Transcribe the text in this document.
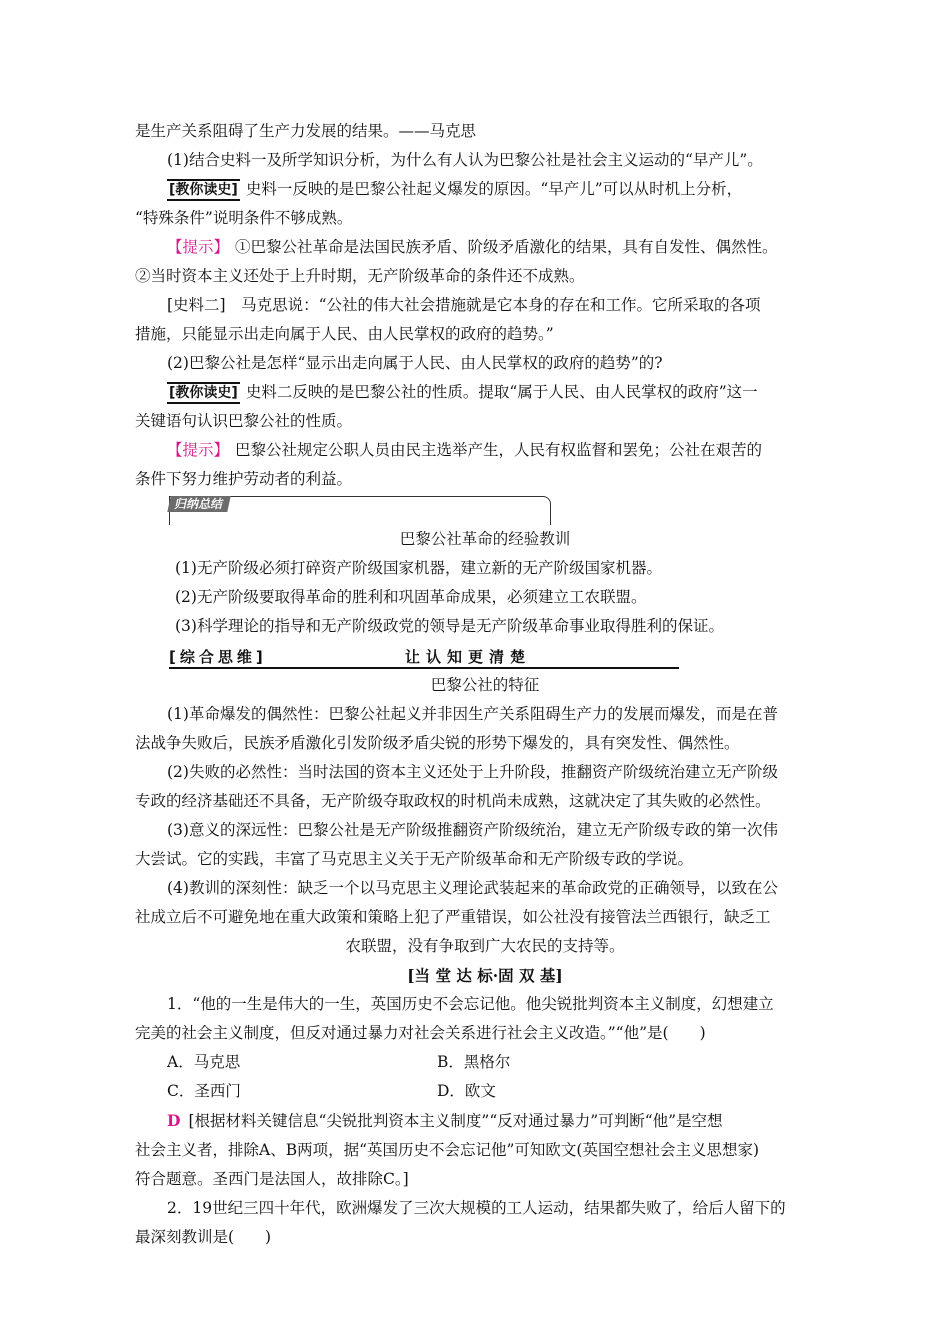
是生产关系阻碍了生产力发展的结果。——马克思
(1)结合史料一及所学知识分析，为什么有人认为巴黎公社是社会主义运动的“早产儿”。
[教你读史] 史料一反映的是巴黎公社起义爆发的原因。“早产儿”可以从时机上分析，
“特殊条件”说明条件不够成熟。
【提示】 ①巴黎公社革命是法国民族矛盾、阶级矛盾激化的结果，具有自发性、偶然性。
②当时资本主义还处于上升时期，无产阶级革命的条件还不成熟。
[史料二]　马克思说：“公社的伟大社会措施就是它本身的存在和工作。它所采取的各项
措施，只能显示出走向属于人民、由人民掌权的政府的趋势。”
(2)巴黎公社是怎样“显示出走向属于人民、由人民掌权的政府的趋势”的?
[教你读史] 史料二反映的是巴黎公社的性质。提取“属于人民、由人民掌权的政府”这一
关键语句认识巴黎公社的性质。
【提示】 巴黎公社规定公职人员由民主选举产生，人民有权监督和罢免；公社在艰苦的
条件下努力维护劳动者的利益。
归纳总结
巴黎公社革命的经验教训
(1)无产阶级必须打碎资产阶级国家机器，建立新的无产阶级国家机器。
(2)无产阶级要取得革命的胜利和巩固革命成果，必须建立工农联盟。
(3)科学理论的指导和无产阶级政党的领导是无产阶级革命事业取得胜利的保证。
[综合思维]	让认知更清楚
巴黎公社的特征
(1)革命爆发的偶然性：巴黎公社起义并非因生产关系阻碍生产力的发展而爆发，而是在普
法战争失败后，民族矛盾激化引发阶级矛盾尖锐的形势下爆发的，具有突发性、偶然性。
(2)失败的必然性：当时法国的资本主义还处于上升阶段，推翻资产阶级统治建立无产阶级
专政的经济基础还不具备，无产阶级夺取政权的时机尚未成熟，这就决定了其失败的必然性。
(3)意义的深远性：巴黎公社是无产阶级推翻资产阶级统治，建立无产阶级专政的第一次伟
大尝试。它的实践，丰富了马克思主义关于无产阶级革命和无产阶级专政的学说。
(4)教训的深刻性：缺乏一个以马克思主义理论武装起来的革命政党的正确领导，以致在公
社成立后不可避免地在重大政策和策略上犯了严重错误，如公社没有接管法兰西银行，缺乏工
农联盟，没有争取到广大农民的支持等。
[当 堂 达 标·固 双 基]
1．“他的一生是伟大的一生，英国历史不会忘记他。他尖锐批判资本主义制度，幻想建立
完美的社会主义制度，但反对通过暴力对社会关系进行社会主义改造。”“他”是(　　)
A．马克思	B．黑格尔
C．圣西门	D．欧文
D [根据材料关键信息“尖锐批判资本主义制度”“反对通过暴力”可判断“他”是空想
社会主义者，排除A、B两项，据“英国历史不会忘记他”可知欧文(英国空想社会主义思想家)
符合题意。圣西门是法国人，故排除C。]
2．19世纪三四十年代，欧洲爆发了三次大规模的工人运动，结果都失败了，给后人留下的
最深刻教训是(　　)
